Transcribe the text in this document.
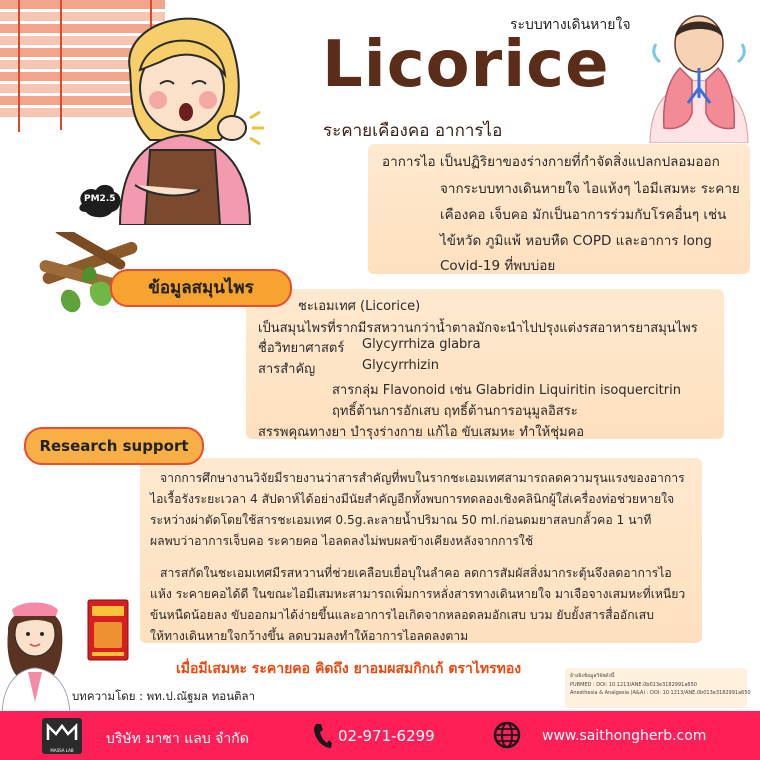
PM2.5
ระบบทางเดินหายใจ
Licorice
ระคายเคืองคอ อาการไอ
อาการไอ เป็นปฏิริยาของร่างกายที่กำจัดสิ่งแปลกปลอมออก
จากระบบทางเดินหายใจ ไอแห้งๆ ไอมีเสมหะ ระคาย
เคืองคอ เจ็บคอ มักเป็นอาการร่วมกับโรคอื่นๆ เช่น
ไข้หวัด ภูมิแพ้ หอบหืด COPD และอาการ long
Covid-19 ที่พบบ่อย
ข้อมูลสมุนไพร
ชะเอมเทศ (Licorice)
เป็นสมุนไพรที่รากมีรสหวานกว่าน้ำตาลมักจะนำไปปรุงแต่งรสอาหารยาสมุนไพร
ชื่อวิทยาศาสตร์ Glycyrrhiza glabra
สารสำคัญ	Glycyrrhizin
สารกลุ่ม Flavonoid เช่น Glabridin Liquiritin isoquercitrin
ฤทธิ์ต้านการอักเสบ ฤทธิ์ต้านการอนุมูลอิสระ
สรรพคุณทางยา บำรุงร่างกาย แก้ไอ ขับเสมหะ ทำให้ชุ่มคอ
Research support
จากการศึกษางานวิจัยมีรายงานว่าสารสำคัญที่พบในรากชะเอมเทศสามารถลดความรุนแรงของอาการ
ไอเรื้อรังระยะเวลา 4 สัปดาห์ได้อย่างมีนัยสำคัญอีกทั้งพบการทดลองเชิงคลินิกผู้ใส่เครื่องท่อช่วยหายใจ
ระหว่างผ่าตัดโดยใช้สารชะเอมเทศ 0.5g.ละลายน้ำปริมาณ 50 ml.ก่อนดมยาสลบกลั้วคอ 1 นาที
ผลพบว่าอาการเจ็บคอ ระคายคอ ไอลดลงไม่พบผลข้างเคียงหลังจากการใช้
สารสกัดในชะเอมเทศมีรสหวานที่ช่วยเคลือบเยื่อบุในลำคอ ลดการสัมผัสสิ่งมากระตุ้นจึงลดอาการไอ
แห้ง ระคายคอได้ดี ในขณะไอมีเสมหะสามารถเพิ่มการหลั่งสารทางเดินหายใจ มาเจือจางเสมหะที่เหนียว
ข้นหนืดน้อยลง ขับออกมาได้ง่ายขึ้นและอาการไอเกิดจากหลอดลมอักเสบ บวม ยับยั้งสารสื่ออักเสบ
ให้ทางเดินหายใจกว้างขึ้น ลดบวมลงทำให้อาการไอลดลงตาม
เมื่อมีเสมหะ ระคายคอ คิดถึง ยาอมผสมกิกเก้ ตราไทรทอง	อ้างอิงข้อมูลวิจัยดังนี้
PUBMED : DOI: 10.1213/ANE.0b013e3182991a650
Anesthesia & Analgesia (A&A) : DOI: 10.1213/ANE.0b013e3182991a650
บทความโดย : พท.ป.ณัฐมล ทอนติลา
MASSA LAB
บริษัท มาซา แลบ จำกัด	02-971-6299	www.saithongherb.com
